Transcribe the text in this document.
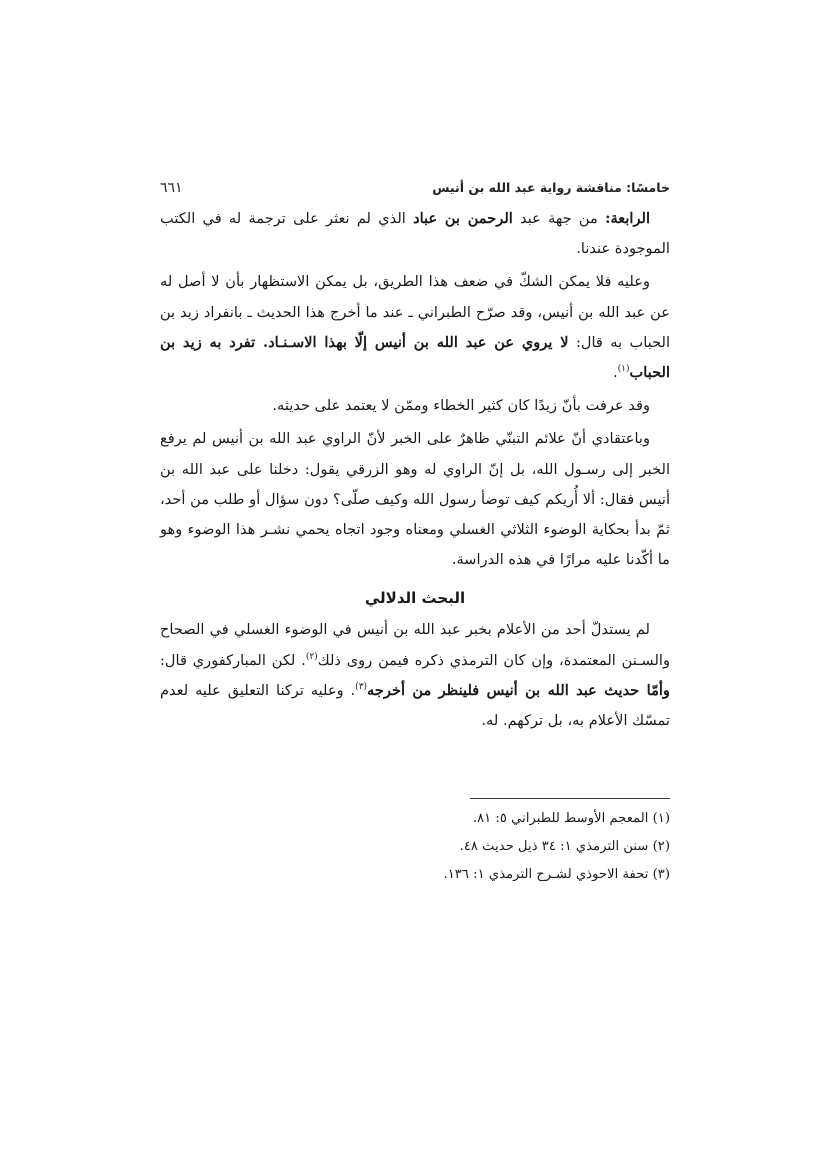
خامسًا: مناقشة رواية عبد الله بن أنيس
٦٦١

الرابعة: من جهة عبد الرحمن بن عباد الذي لم نعثر على ترجمة له في الكتب الموجودة عندنا.

وعليه فلا يمكن الشكّ في ضعف هذا الطريق، بل يمكن الاستظهار بأن لا أصل له عن عبد الله بن أنيس، وقد صرّح الطبراني ـ عند ما أخرج هذا الحديث ـ بانفراد زيد بن الحباب به قال: لا يروي عن عبد الله بن أنيس إلّا بهذا الاسـنـاد. تفرد به زيد بن الحباب$^{(١)}$.

وقد عرفت بأنّ زيدًا كان كثير الخطاء وممّن لا يعتمد على حديثه.

وباعتقادي أنّ علائم التبنّي ظاهرٌ على الخبر لأنّ الراوي عبد الله بن أنيس لم يرفع الخبر إلى رسـول الله، بل إنّ الراوي له وهو الزرقي يقول: دخلنا على عبد الله بن أنيس فقال: ألا أُريكم كيف توضأ رسول الله وكيف صلّى؟ دون سؤال أو طلب من أحد، ثمّ بدأ بحكاية الوضوء الثلاثي الغسلي ومعناه وجود اتجاه يحمي نشـر هذا الوضوء وهو ما أكّدنا عليه مرارًا في هذه الدراسة.

البحث الدلالي

لم يستدلّ أحد من الأعلام بخبر عبد الله بن أنيس في الوضوء الغسلي في الصحاح والسـنن المعتمدة، وإن كان الترمذي ذكره فيمن روى ذلك$^{(٢)}$. لكن المباركفوري قال: وأمّا حديث عبد الله بن أنيس فلينظر من أخرجه$^{(٣)}$. وعليه تركنا التعليق عليه لعدم تمسّك الأعلام به، بل تركهم. له.

(١) المعجم الأوسط للطبراني ٥: ٨١.

(٢) سنن الترمذي ١: ٣٤ ذيل حديث ٤٨.

(٣) تحفة الاحوذي لشـرح الترمذي ١: ١٣٦.
